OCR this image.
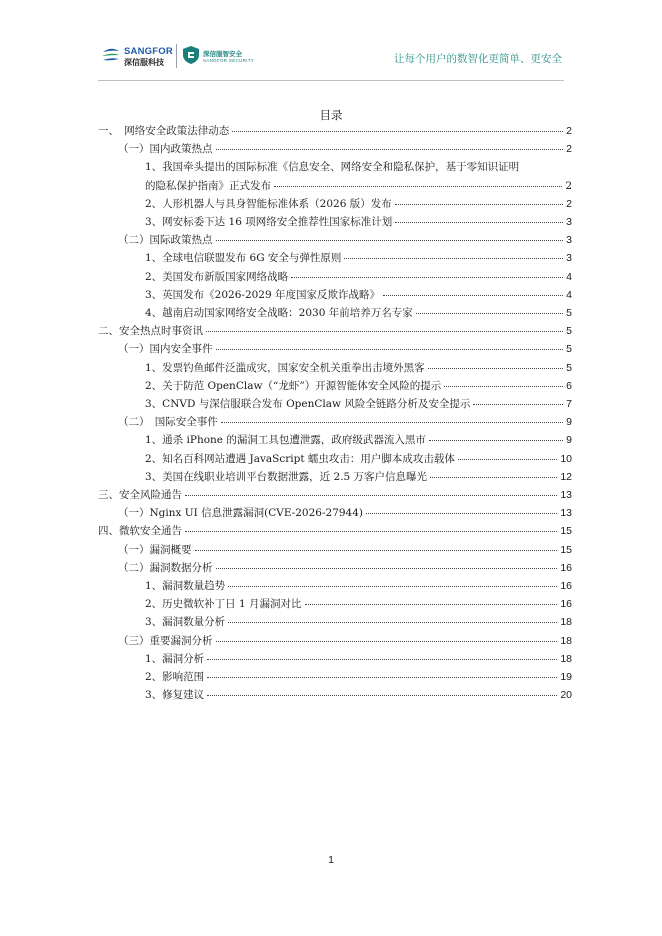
SANGFOR
深信服科技
深信服智安全
SANGFOR SECURITY	让每个用户的数智化更简单、更安全
目录
一、　网络安全政策法律动态	2
（一）国内政策热点	2
1、我国牵头提出的国际标准《信息安全、网络安全和隐私保护，基于零知识证明
的隐私保护指南》正式发布	2
2、人形机器人与具身智能标准体系（2026 版）发布	2
3、网安标委下达 16 项网络安全推荐性国家标准计划	3
（二）国际政策热点	3
1、全球电信联盟发布 6G 安全与弹性原则	3
2、美国发布新版国家网络战略	4
3、英国发布《2026-2029 年度国家反欺诈战略》	4
4、越南启动国家网络安全战略：2030 年前培养万名专家	5
二、安全热点时事资讯	5
（一）国内安全事件	5
1、发票钓鱼邮件泛滥成灾，国家安全机关重拳出击境外黑客	5
2、关于防范 OpenClaw（“龙虾”）开源智能体安全风险的提示	6
3、CNVD 与深信服联合发布 OpenClaw 风险全链路分析及安全提示	7
（二）　国际安全事件	9
1、通杀 iPhone 的漏洞工具包遭泄露，政府级武器流入黑市	9
2、知名百科网站遭遇 JavaScript 蠕虫攻击：用户脚本成攻击载体	10
3、美国在线职业培训平台数据泄露，近 2.5 万客户信息曝光	12
三、安全风险通告	13
（一）Nginx UI 信息泄露漏洞(CVE-2026-27944)	13
四、微软安全通告	15
（一）漏洞概要	15
（二）漏洞数据分析	16
1、漏洞数量趋势	16
2、历史微软补丁日 1 月漏洞对比	16
3、漏洞数量分析	18
（三）重要漏洞分析	18
1、漏洞分析	18
2、影响范围	19
3、修复建议	20
1
